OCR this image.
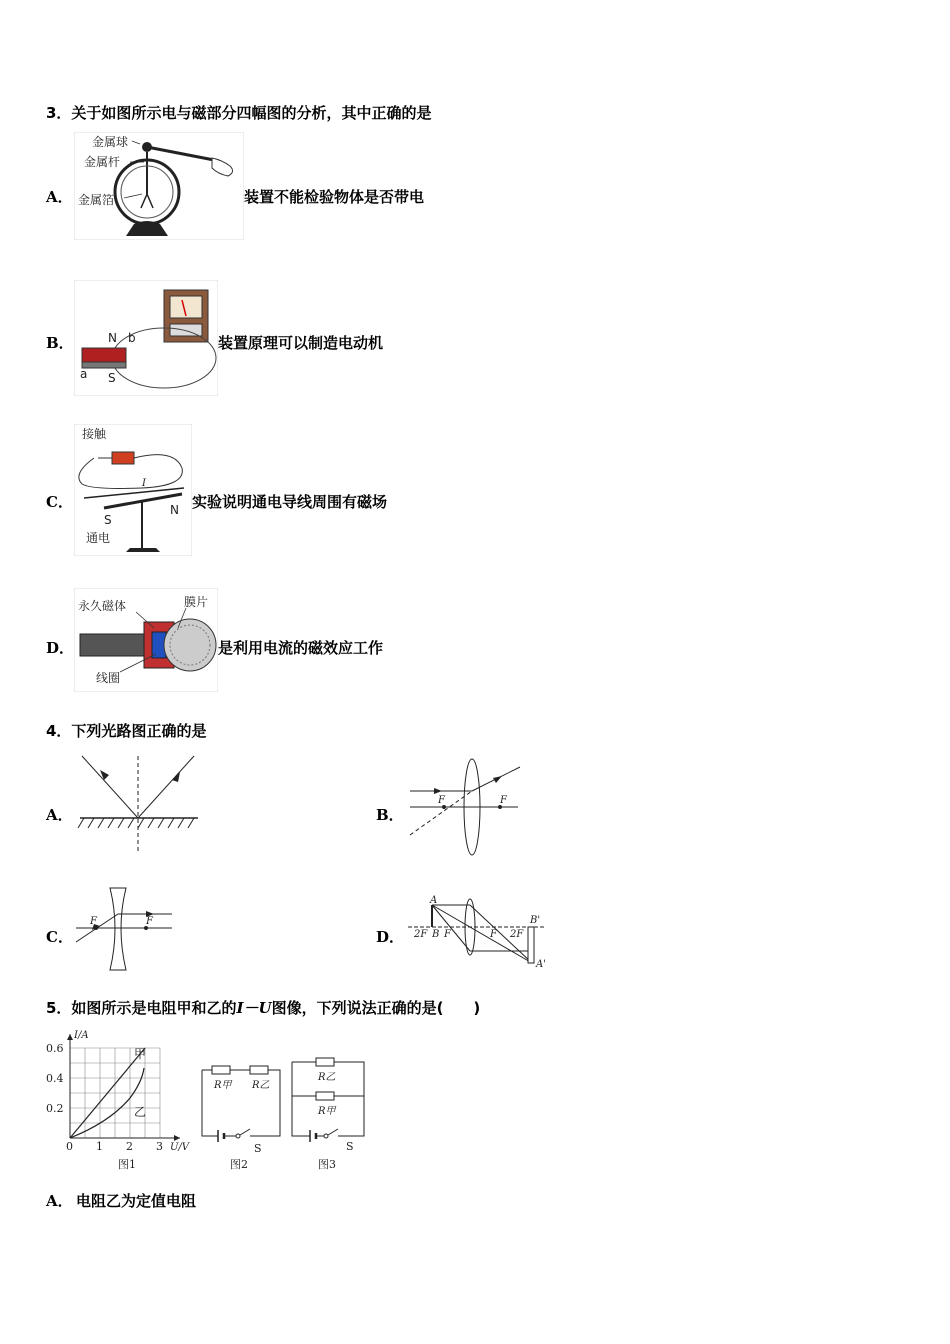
3．关于如图所示电与磁部分四幅图的分析，其中正确的是
A．
金属球
金属杆
金属箔	装置不能检验物体是否带电
B．	N b
a S
装置原理可以制造电动机
C．
接触
I
S
N
通电
实验说明通电导线周围有磁场
D．
永久磁体	膜片
线圈
是利用电流的磁效应工作
4．下列光路图正确的是
A．	B．
F	F
C．
F	F
D．
A
2F B F	F 2F
B'
A'
5．如图所示是电阻甲和乙的I－U图像，下列说法正确的是(　　)
I/A
U/V
0.6
0.4
0.2
0 1 2 3
甲
乙
图1
R甲 R乙
S
图2
R乙
R甲
S
图3
A． 电阻乙为定值电阻
